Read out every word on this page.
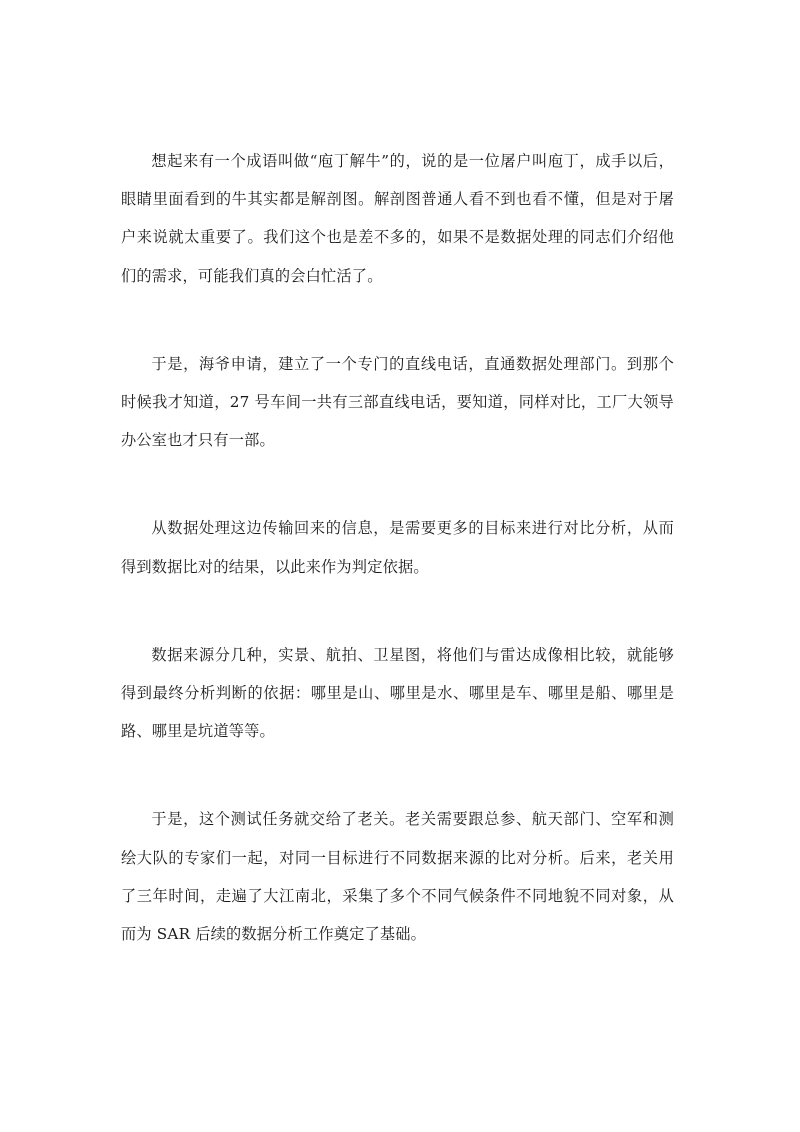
想起来有一个成语叫做“庖丁解牛”的，说的是一位屠户叫庖丁，成手以后，眼睛里面看到的牛其实都是解剖图。解剖图普通人看不到也看不懂，但是对于屠户来说就太重要了。我们这个也是差不多的，如果不是数据处理的同志们介绍他们的需求，可能我们真的会白忙活了。

于是，海爷申请，建立了一个专门的直线电话，直通数据处理部门。到那个时候我才知道，27 号车间一共有三部直线电话，要知道，同样对比，工厂大领导办公室也才只有一部。

从数据处理这边传输回来的信息，是需要更多的目标来进行对比分析，从而得到数据比对的结果，以此来作为判定依据。

数据来源分几种，实景、航拍、卫星图，将他们与雷达成像相比较，就能够得到最终分析判断的依据：哪里是山、哪里是水、哪里是车、哪里是船、哪里是路、哪里是坑道等等。

于是，这个测试任务就交给了老关。老关需要跟总参、航天部门、空军和测绘大队的专家们一起，对同一目标进行不同数据来源的比对分析。后来，老关用了三年时间，走遍了大江南北，采集了多个不同气候条件不同地貌不同对象，从而为 SAR 后续的数据分析工作奠定了基础。
